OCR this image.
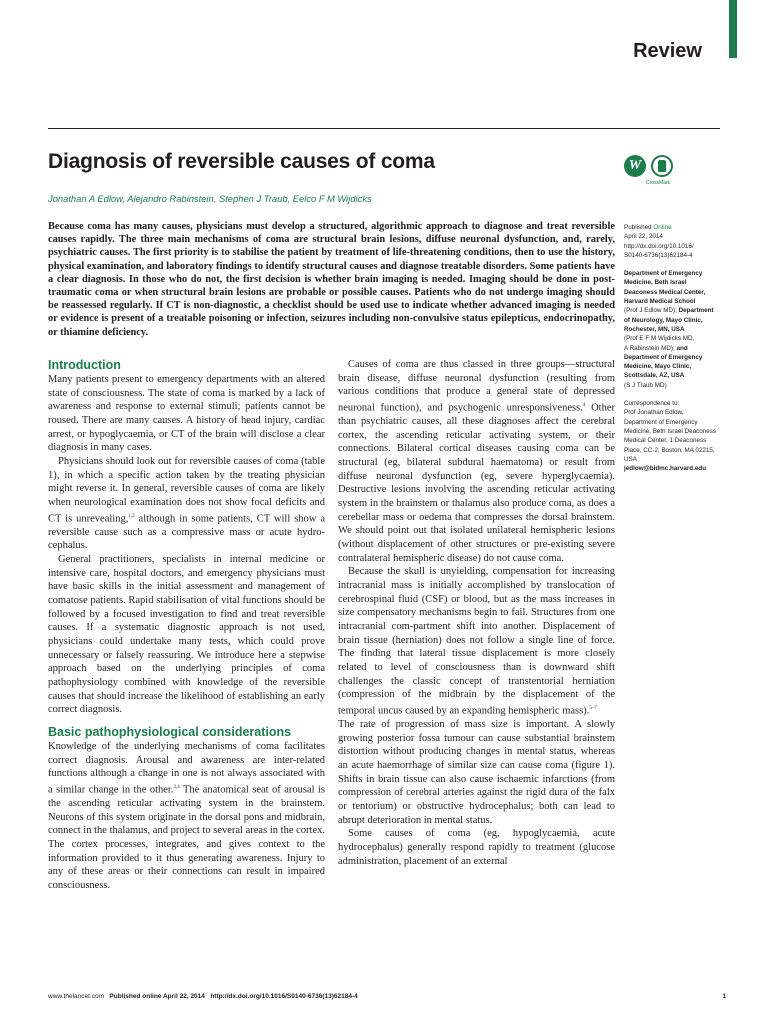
Review
Diagnosis of reversible causes of coma
Jonathan A Edlow, Alejandro Rabinstein, Stephen J Traub, Eelco F M Wijdicks
W
CrossMark

Because coma has many causes, physicians must develop a structured, algorithmic approach to diagnose and treat reversible causes rapidly. The three main mechanisms of coma are structural brain lesions, diffuse neuronal dysfunction, and, rarely, psychiatric causes. The first priority is to stabilise the patient by treatment of life-threatening conditions, then to use the history, physical examination, and laboratory findings to identify structural causes and diagnose treatable disorders. Some patients have a clear diagnosis. In those who do not, the first decision is whether brain imaging is needed. Imaging should be done in post-traumatic coma or when structural brain lesions are probable or possible causes. Patients who do not undergo imaging should be reassessed regularly. If CT is non-diagnostic, a checklist should be used use to indicate whether advanced imaging is needed or evidence is present of a treatable poisoning or infection, seizures including non-convulsive status epilepticus, endocrinopathy, or thiamine deficiency.

Published Online

April 22, 2014

http://dx.doi.org/10.1016/

S0140-6736(13)62184-4

Department of Emergency

Medicine, Beth Israel

Deaconess Medical Center,

Harvard Medical School

(Prof J Edlow MD); Department

of Neurology, Mayo Clinic,

Rochester, MN, USA

(Prof E F M Wijdicks MD,

A Rabinstein MD); and

Department of Emergency

Medicine, Mayo Clinic,

Scottsdale, AZ, USA

(S J Traub MD)

Correspondence to:

Prof Jonathan Edlow,

Department of Emergency

Medicine, Beth Israel Deaconess

Medical Center, 1 Deaconess

Place, CC-2, Boston, MA 02215,

USA

jedlow@bidmc.harvard.edu

Introduction

Many patients present to emergency departments with an altered state of consciousness. The state of coma is marked by a lack of awareness and response to external stimuli; patients cannot be roused. There are many causes. A history of head injury, cardiac arrest, or hypoglycaemia, or CT of the brain will disclose a clear diagnosis in many cases.

Physicians should look out for reversible causes of coma (table 1), in which a specific action taken by the treating physician might reverse it. In general, reversible causes of coma are likely when neurological examination does not show focal deficits and CT is unrevealing,$^{1,2}$ although in some patients, CT will show a reversible cause such as a compressive mass or acute hydro-cephalus.

General practitioners, specialists in internal medicine or intensive care, hospital doctors, and emergency physicians must have basic skills in the initial assessment and management of comatose patients. Rapid stabilisation of vital functions should be followed by a focused investigation to find and treat reversible causes. If a systematic diagnostic approach is not used, physicians could undertake many tests, which could prove unnecessary or falsely reassuring. We introduce here a stepwise approach based on the underlying principles of coma pathophysiology combined with knowledge of the reversible causes that should increase the likelihood of establishing an early correct diagnosis.

Basic pathophysiological considerations

Knowledge of the underlying mechanisms of coma facilitates correct diagnosis. Arousal and awareness are inter-related functions although a change in one is not always associated with a similar change in the other.$^{3,4}$ The anatomical seat of arousal is the ascending reticular activating system in the brainstem. Neurons of this system originate in the dorsal pons and midbrain, connect in the thalamus, and project to several areas in the cortex. The cortex processes, integrates, and gives context to the information provided to it thus generating awareness. Injury to any of these areas or their connections can result in impaired consciousness.

Causes of coma are thus classed in three groups—structural brain disease, diffuse neuronal dysfunction (resulting from various conditions that produce a general state of depressed neuronal function), and psychogenic unresponsiveness.$^4$ Other than psychiatric causes, all these diagnoses affect the cerebral cortex, the ascending reticular activating system, or their connections. Bilateral cortical diseases causing coma can be structural (eg, bilateral subdural haematoma) or result from diffuse neuronal dysfunction (eg, severe hyperglycaemia). Destructive lesions involving the ascending reticular activating system in the brainstem or thalamus also produce coma, as does a cerebellar mass or oedema that compresses the dorsal brainstem. We should point out that isolated unilateral hemispheric lesions (without displacement of other structures or pre-existing severe contralateral hemispheric disease) do not cause coma.

Because the skull is unyielding, compensation for increasing intracranial mass is initially accomplished by translocation of cerebrospinal fluid (CSF) or blood, but as the mass increases in size compensatory mechanisms begin to fail. Structures from one intracranial com-partment shift into another. Displacement of brain tissue (herniation) does not follow a single line of force. The finding that lateral tissue displacement is more closely related to level of consciousness than is downward shift challenges the classic concept of transtentorial herniation (compression of the midbrain by the displacement of the temporal uncus caused by an expanding hemispheric mass).$^{5-7}$

The rate of progression of mass size is important. A slowly growing posterior fossa tumour can cause substantial brainstem distortion without producing changes in mental status, whereas an acute haemorrhage of similar size can cause coma (figure 1). Shifts in brain tissue can also cause ischaemic infarctions (from compression of cerebral arteries against the rigid dura of the falx or tentorium) or obstructive hydrocephalus; both can lead to abrupt deterioration in mental status.

Some causes of coma (eg, hypoglycaemia, acute hydrocephalus) generally respond rapidly to treatment (glucose administration, placement of an external

www.thelancet.com Published online April 22, 2014 http://dx.doi.org/10.1016/S0140-6736(13)62184-4	1
